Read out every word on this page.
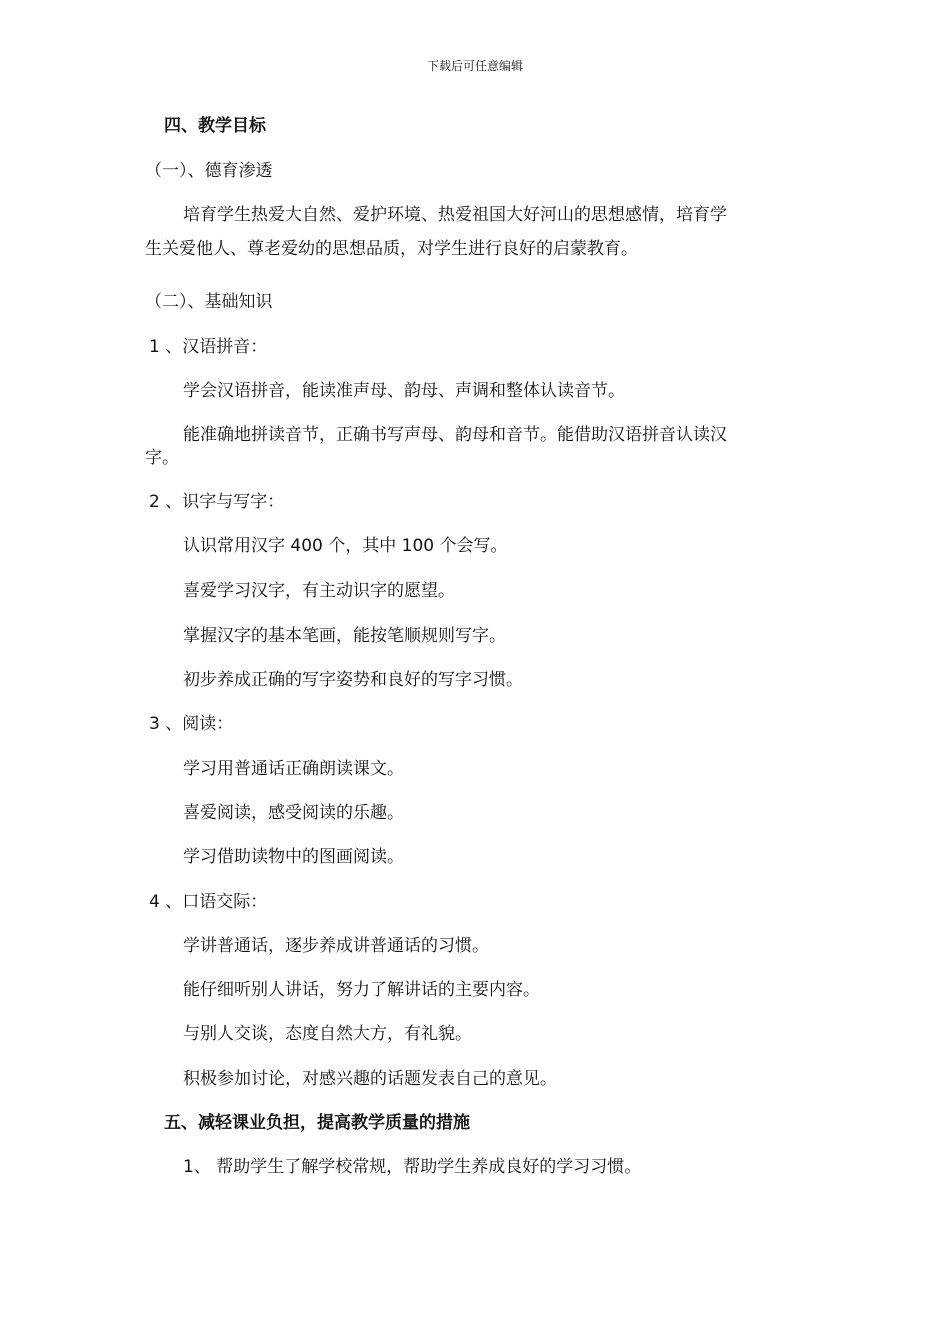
下载后可任意编辑
四、教学目标
（一）、德育渗透
培育学生热爱大自然、爱护环境、热爱祖国大好河山的思想感情，培育学
生关爱他人、尊老爱幼的思想品质，对学生进行良好的启蒙教育。
（二）、基础知识
1 、汉语拼音：
学会汉语拼音，能读准声母、韵母、声调和整体认读音节。
能准确地拼读音节，正确书写声母、韵母和音节。能借助汉语拼音认读汉
字。
2 、识字与写字：
认识常用汉字 400 个，其中 100 个会写。
喜爱学习汉字，有主动识字的愿望。
掌握汉字的基本笔画，能按笔顺规则写字。
初步养成正确的写字姿势和良好的写字习惯。
3 、阅读：
学习用普通话正确朗读课文。
喜爱阅读，感受阅读的乐趣。
学习借助读物中的图画阅读。
4 、口语交际：
学讲普通话，逐步养成讲普通话的习惯。
能仔细听别人讲话，努力了解讲话的主要内容。
与别人交谈，态度自然大方，有礼貌。
积极参加讨论，对感兴趣的话题发表自己的意见。
五、减轻课业负担，提高教学质量的措施
1、 帮助学生了解学校常规，帮助学生养成良好的学习习惯。
